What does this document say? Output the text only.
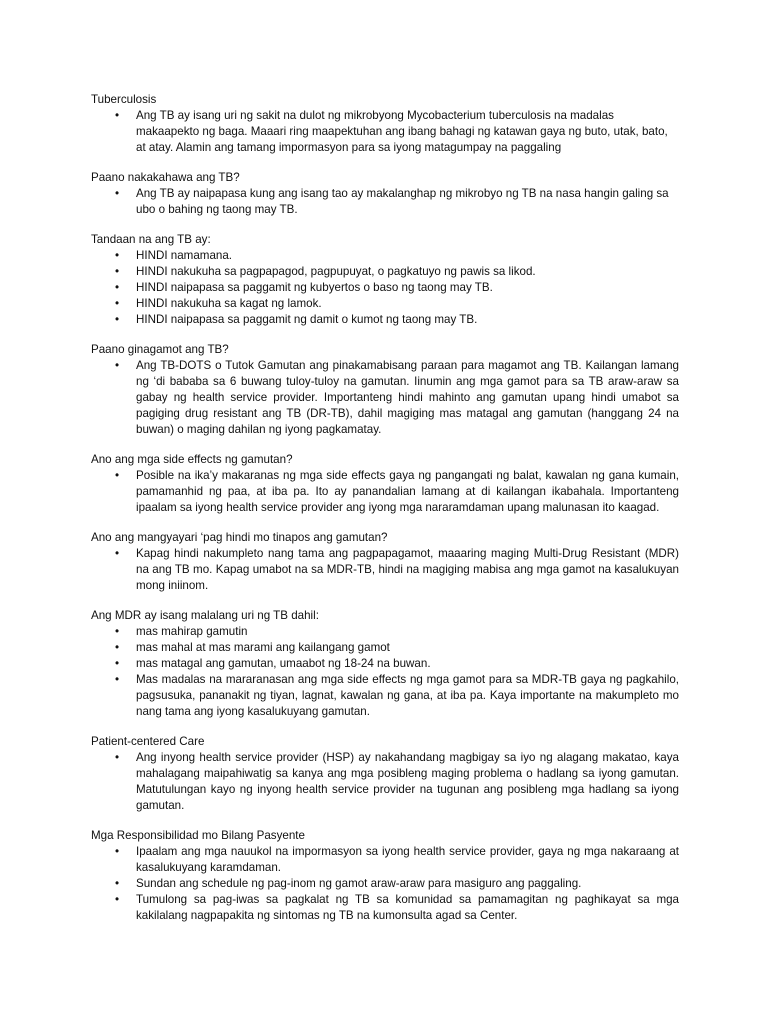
Tuberculosis

• Ang TB ay isang uri ng sakit na dulot ng mikrobyong Mycobacterium tuberculosis na madalas makaapekto ng baga. Maaari ring maapektuhan ang ibang bahagi ng katawan gaya ng buto, utak, bato, at atay. Alamin ang tamang impormasyon para sa iyong matagumpay na paggaling

Paano nakakahawa ang TB?

• Ang TB ay naipapasa kung ang isang tao ay makalanghap ng mikrobyo ng TB na nasa hangin galing sa ubo o bahing ng taong may TB.

Tandaan na ang TB ay:

• HINDI namamana.
• HINDI nakukuha sa pagpapagod, pagpupuyat, o pagkatuyo ng pawis sa likod.
• HINDI naipapasa sa paggamit ng kubyertos o baso ng taong may TB.
• HINDI nakukuha sa kagat ng lamok.
• HINDI naipapasa sa paggamit ng damit o kumot ng taong may TB.

Paano ginagamot ang TB?

• Ang TB-DOTS o Tutok Gamutan ang pinakamabisang paraan para magamot ang TB. Kailangan lamang ng ‘di bababa sa 6 buwang tuloy-tuloy na gamutan. Iinumin ang mga gamot para sa TB araw-araw sa gabay ng health service provider. Importanteng hindi mahinto ang gamutan upang hindi umabot sa pagiging drug resistant ang TB (DR-TB), dahil magiging mas matagal ang gamutan (hanggang 24 na buwan) o maging dahilan ng iyong pagkamatay.

Ano ang mga side effects ng gamutan?

• Posible na ika’y makaranas ng mga side effects gaya ng pangangati ng balat, kawalan ng gana kumain, pamamanhid ng paa, at iba pa. Ito ay panandalian lamang at di kailangan ikabahala. Importanteng ipaalam sa iyong health service provider ang iyong mga nararamdaman upang malunasan ito kaagad.

Ano ang mangyayari ‘pag hindi mo tinapos ang gamutan?

• Kapag hindi nakumpleto nang tama ang pagpapagamot, maaaring maging Multi-Drug Resistant (MDR) na ang TB mo. Kapag umabot na sa MDR-TB, hindi na magiging mabisa ang mga gamot na kasalukuyan mong iniinom.

Ang MDR ay isang malalang uri ng TB dahil:

• mas mahirap gamutin
• mas mahal at mas marami ang kailangang gamot
• mas matagal ang gamutan, umaabot ng 18-24 na buwan.
• Mas madalas na mararanasan ang mga side effects ng mga gamot para sa MDR-TB gaya ng pagkahilo, pagsusuka, pananakit ng tiyan, lagnat, kawalan ng gana, at iba pa. Kaya importante na makumpleto mo nang tama ang iyong kasalukuyang gamutan.

Patient-centered Care

• Ang inyong health service provider (HSP) ay nakahandang magbigay sa iyo ng alagang makatao, kaya mahalagang maipahiwatig sa kanya ang mga posibleng maging problema o hadlang sa iyong gamutan. Matutulungan kayo ng inyong health service provider na tugunan ang posibleng mga hadlang sa iyong gamutan.

Mga Responsibilidad mo Bilang Pasyente

• Ipaalam ang mga nauukol na impormasyon sa iyong health service provider, gaya ng mga nakaraang at kasalukuyang karamdaman.
• Sundan ang schedule ng pag-inom ng gamot araw-araw para masiguro ang paggaling.
• Tumulong sa pag-iwas sa pagkalat ng TB sa komunidad sa pamamagitan ng paghikayat sa mga kakilalang nagpapakita ng sintomas ng TB na kumonsulta agad sa Center.
